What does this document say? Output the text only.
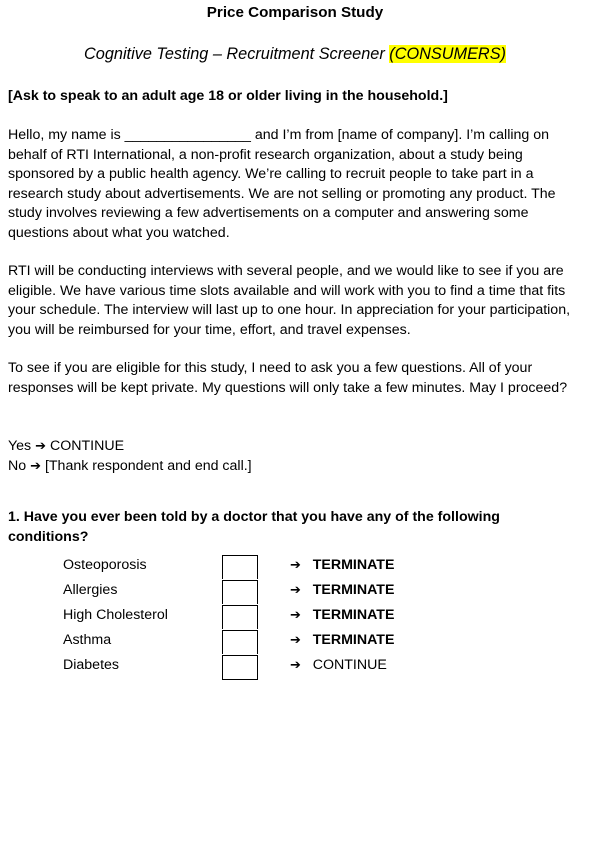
Price Comparison Study
Cognitive Testing – Recruitment Screener (CONSUMERS)
[Ask to speak to an adult age 18 or older living in the household.]
Hello, my name is ________________ and I’m from [name of company]. I’m calling on behalf of RTI International, a non-profit research organization, about a study being sponsored by a public health agency. We’re calling to recruit people to take part in a research study about advertisements. We are not selling or promoting any product. The study involves reviewing a few advertisements on a computer and answering some questions about what you watched.
RTI will be conducting interviews with several people, and we would like to see if you are eligible. We have various time slots available and will work with you to find a time that fits your schedule. The interview will last up to one hour. In appreciation for your participation, you will be reimbursed for your time, effort, and travel expenses.
To see if you are eligible for this study, I need to ask you a few questions. All of your responses will be kept private. My questions will only take a few minutes. May I proceed?
Yes ➔ CONTINUE
No ➔ [Thank respondent and end call.]
1. Have you ever been told by a doctor that you have any of the following conditions?
Osteoporosis	➔ TERMINATE
Allergies	➔ TERMINATE
High Cholesterol	➔ TERMINATE
Asthma	➔ TERMINATE
Diabetes	➔ CONTINUE
